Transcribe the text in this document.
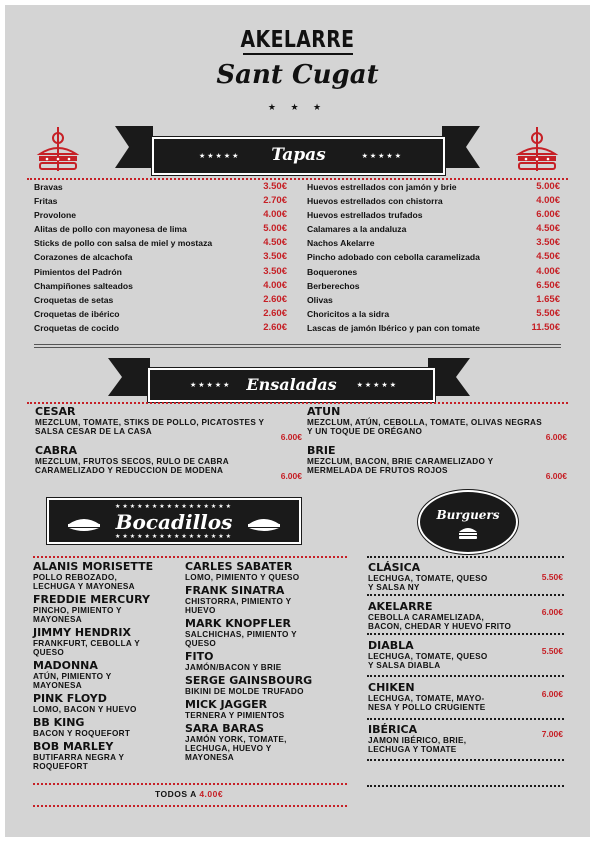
AKELARRE
Sant Cugat
★ ★ ★
★★★★★	Tapas	★★★★★
Bravas	3.50€
Fritas	2.70€
Provolone	4.00€
Alitas de pollo con mayonesa de lima	5.00€
Sticks de pollo con salsa de miel y mostaza	4.50€
Corazones de alcachofa	3.50€
Pimientos del Padrón	3.50€
Champiñones salteados	4.00€
Croquetas de setas	2.60€
Croquetas de ibérico	2.60€
Croquetas de cocido	2.60€
Huevos estrellados con jamón y brie	5.00€
Huevos estrellados con chistorra	4.00€
Huevos estrellados trufados	6.00€
Calamares a la andaluza	4.50€
Nachos Akelarre	3.50€
Pincho adobado con cebolla caramelizada	4.50€
Boquerones	4.00€
Berberechos	6.50€
Olivas	1.65€
Choricitos a la sidra	5.50€
Lascas de jamón Ibérico y pan con tomate	11.50€
★★★★★ Ensaladas	★★★★★
CESAR
MEZCLUM, TOMATE, STIKS DE POLLO, PICATOSTES Y SALSA CESAR DE LA CASA
6.00€
ATUN
MEZCLUM, ATÚN, CEBOLLA, TOMATE, OLIVAS NEGRAS Y UN TOQUE DE ORÉGANO
6.00€
CABRA
MEZCLUM, FRUTOS SECOS, RULO DE CABRA CARAMELIZADO Y REDUCCION DE MODENA
6.00€
BRIE
MEZCLUM, BACON, BRIE CARAMELIZADO Y MERMELADA DE FRUTOS ROJOS
6.00€
★★★★★★★★★★★★★★★★
Bocadillos
★★★★★★★★★★★★★★★★
Burguers
ALANIS MORISETTE
POLLO REBOZADO,
LECHUGA Y MAYONESA
FREDDIE MERCURY
PINCHO, PIMIENTO Y
MAYONESA
JIMMY HENDRIX
FRANKFURT, CEBOLLA Y
QUESO
MADONNA
ATÚN, PIMIENTO Y
MAYONESA
PINK FLOYD
LOMO, BACON Y HUEVO
BB KING
BACON Y ROQUEFORT
BOB MARLEY
BUTIFARRA NEGRA Y
ROQUEFORT
CARLES SABATER
LOMO, PIMIENTO Y QUESO
FRANK SINATRA
CHISTORRA, PIMIENTO Y
HUEVO
MARK KNOPFLER
SALCHICHAS, PIMIENTO Y
QUESO
FITO
JAMÓN/BACON Y BRIE
SERGE GAINSBOURG
BIKINI DE MOLDE TRUFADO
MICK JAGGER
TERNERA Y PIMIENTOS
SARA BARAS
JAMÓN YORK, TOMATE,
LECHUGA, HUEVO Y
MAYONESA
TODOS A 4.00€
CLÁSICA
LECHUGA, TOMATE, QUESO
Y SALSA NY
5.50€
AKELARRE
CEBOLLA CARAMELIZADA,
BACON, CHEDAR Y HUEVO FRITO
6.00€
DIABLA
LECHUGA, TOMATE, QUESO
Y SALSA DIABLA
5.50€
CHIKEN
LECHUGA, TOMATE, MAYO-
NESA Y POLLO CRUGIENTE
6.00€
IBÉRICA
JAMON IBÉRICO, BRIE,
LECHUGA Y TOMATE
7.00€
